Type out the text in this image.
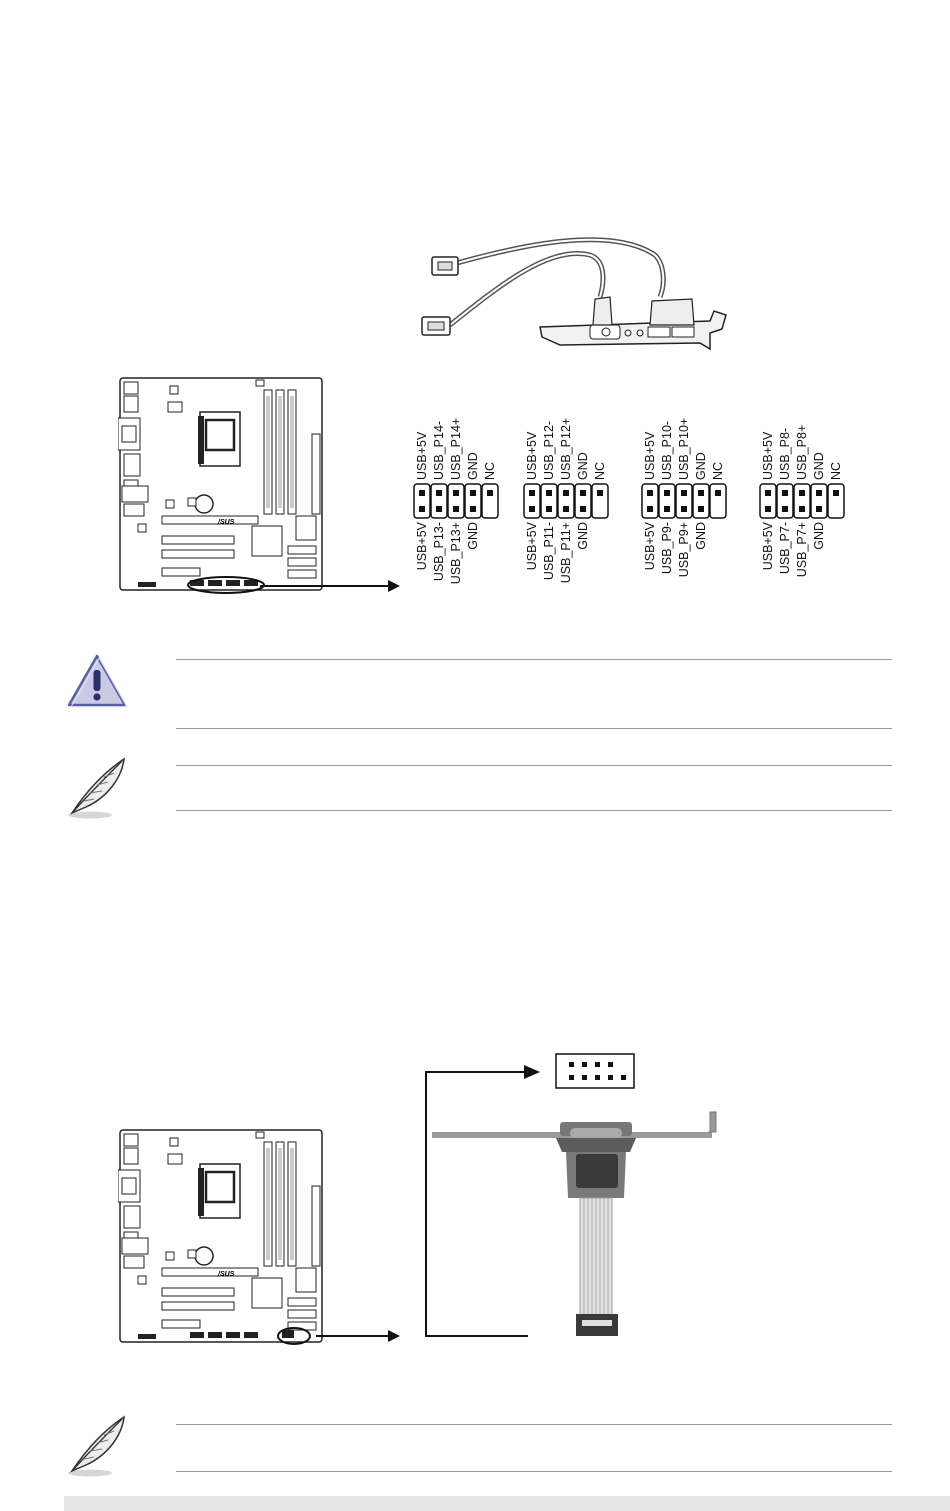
/SUS
USB+5V USB_P14- USB_P14+ GND NC
USB+5V USB_P13- USB_P13+ GND
USB+5V USB_P12- USB_P12+ GND NC
USB+5V USB_P11- USB_P11+ GND
USB+5V USB_P10- USB_P10+ GND NC
USB+5V USB_P9- USB_P9+ GND
USB+5V USB_P8- USB_P8+ GND NC
USB+5V USB_P7- USB_P7+ GND
/SUS
